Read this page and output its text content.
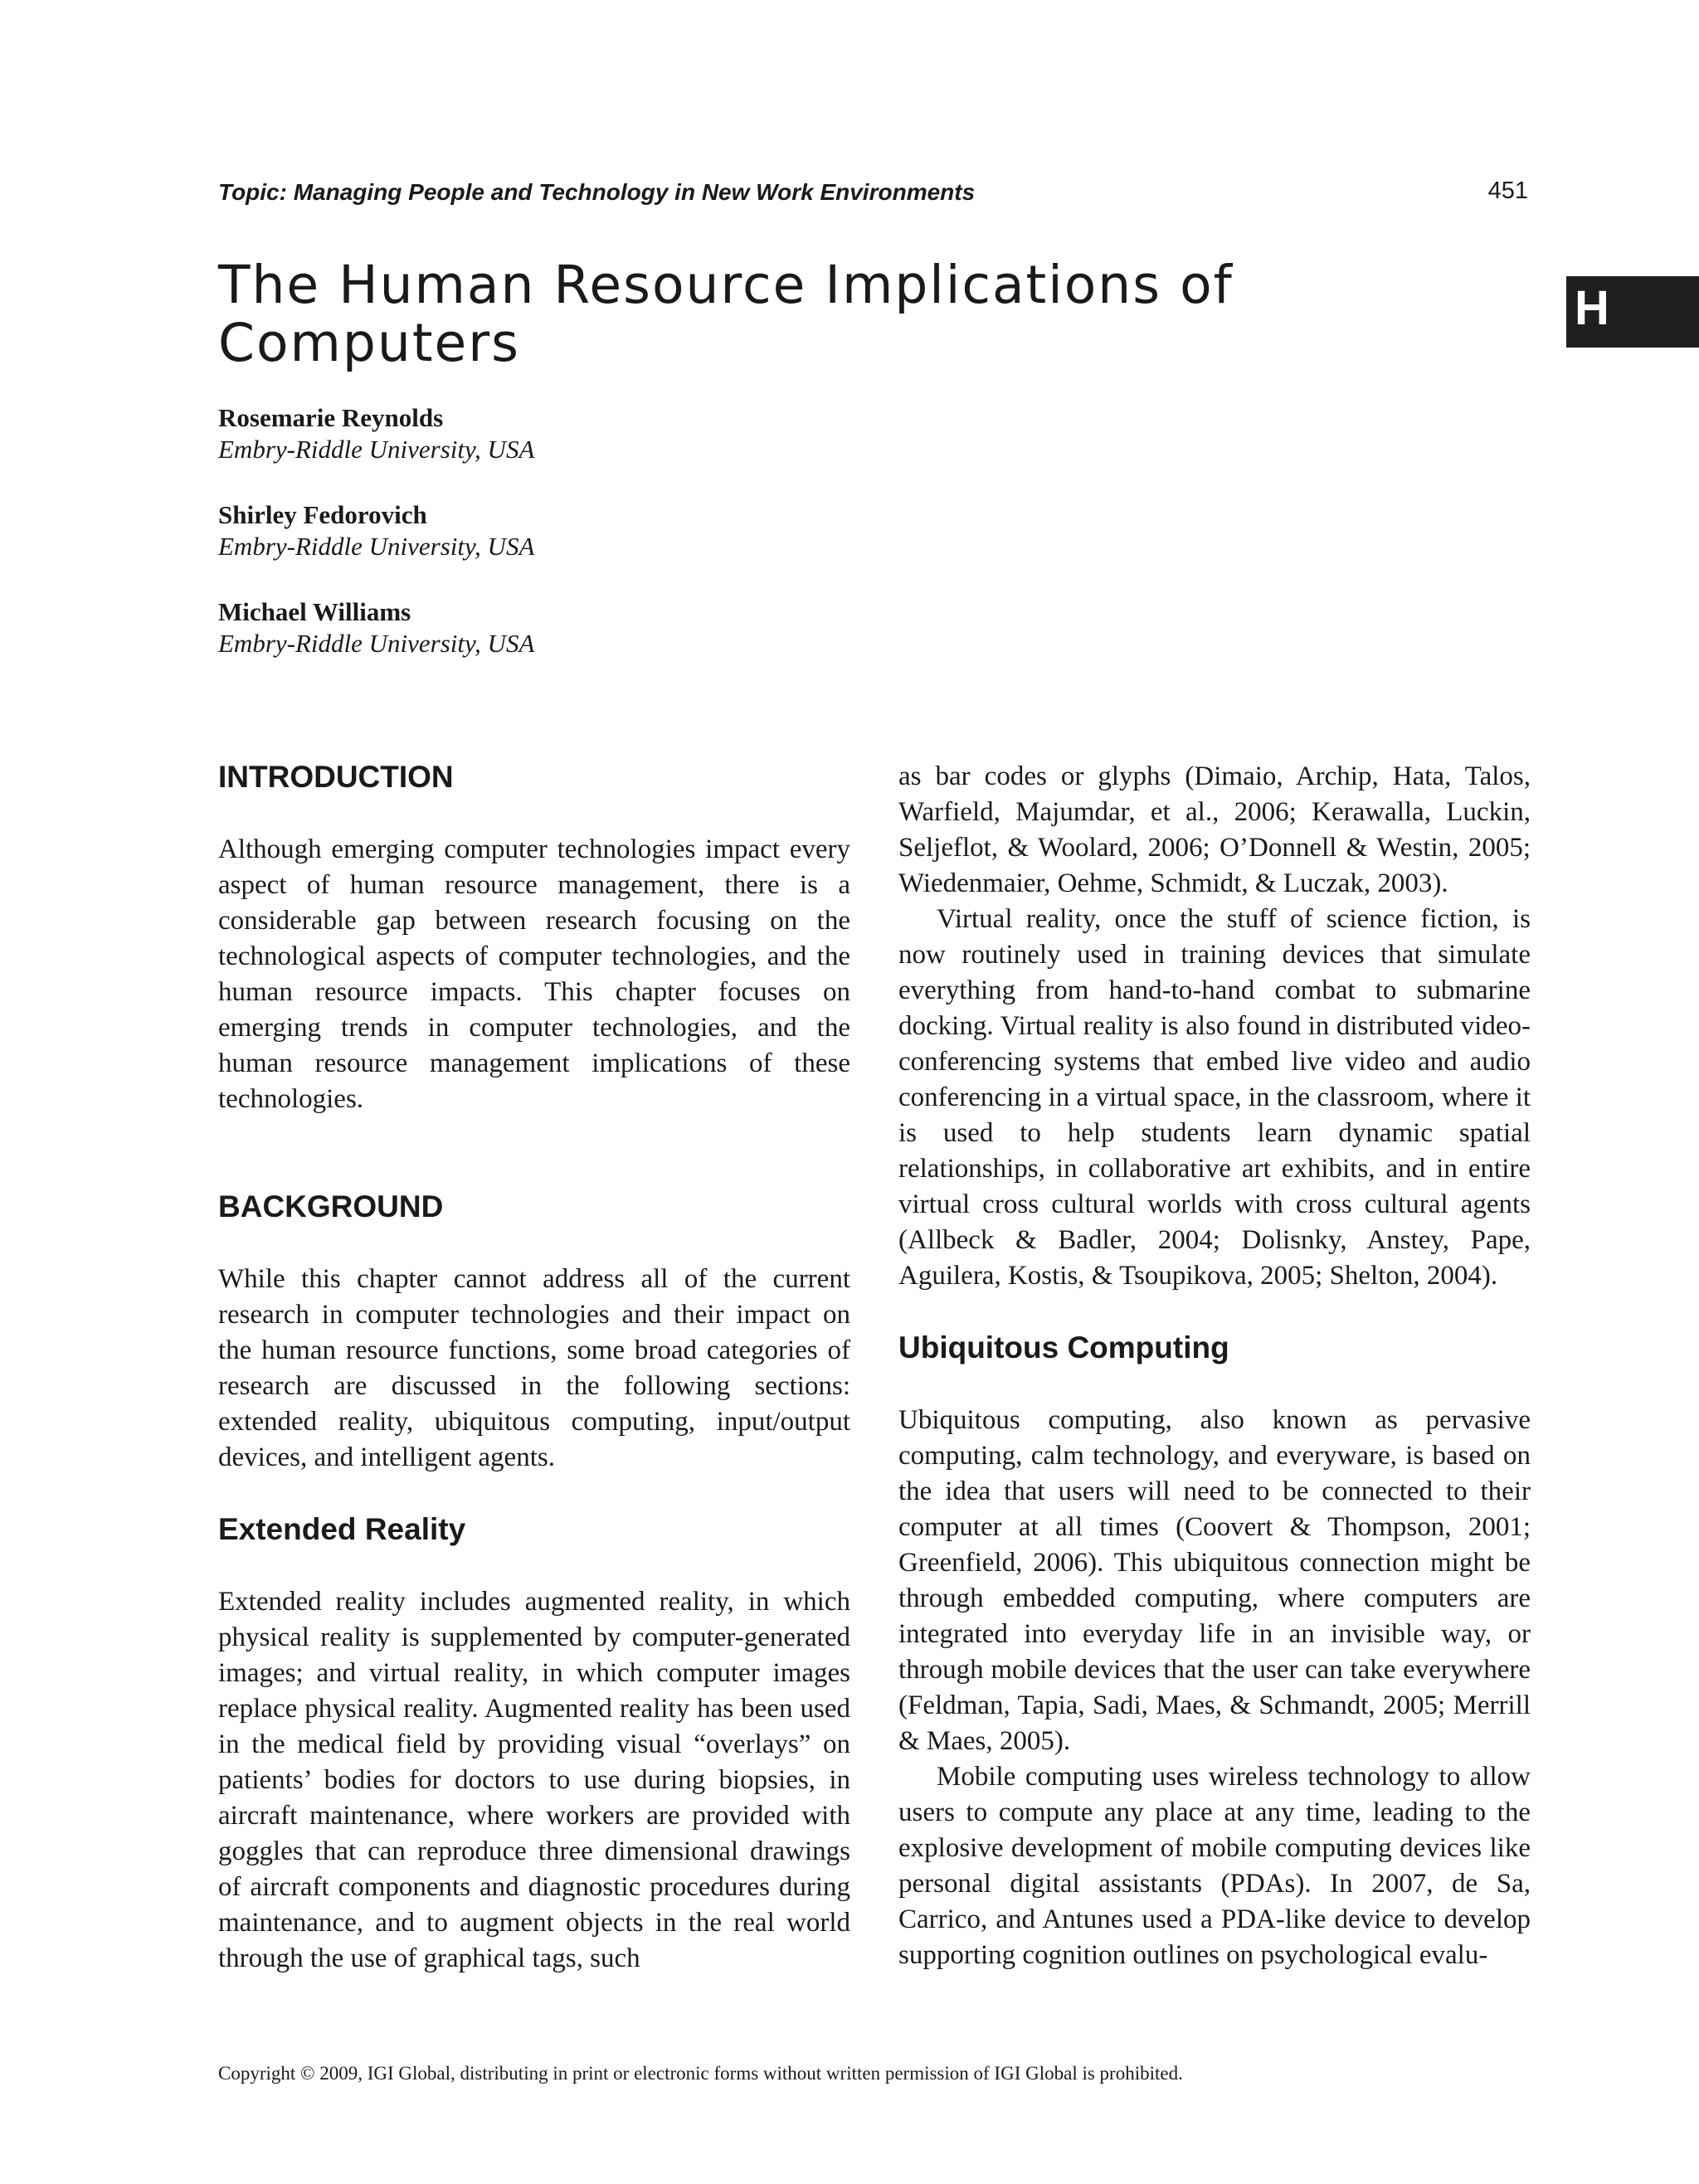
Topic: Managing People and Technology in New Work Environments	451
The Human Resource Implications of
Computers
H
Rosemarie Reynolds
Embry-Riddle University, USA
Shirley Fedorovich
Embry-Riddle University, USA
Michael Williams
Embry-Riddle University, USA
INTRODUCTION

Although emerging computer technologies impact every aspect of human resource management, there is a considerable gap between research focusing on the technological aspects of computer technologies, and the human resource impacts. This chapter focuses on emerging trends in computer technologies, and the human resource management implications of these technologies.

BACKGROUND

While this chapter cannot address all of the current research in computer technologies and their impact on the human resource functions, some broad categories of research are discussed in the following sections: extended reality, ubiquitous computing, input/output devices, and intelligent agents.

Extended Reality

Extended reality includes augmented reality, in which physical reality is supplemented by computer-generated images; and virtual reality, in which computer images replace physical reality. Augmented reality has been used in the medical field by providing visual “overlays” on patients’ bodies for doctors to use during biopsies, in aircraft maintenance, where workers are provided with goggles that can reproduce three dimensional drawings of aircraft components and diagnostic procedures during maintenance, and to augment objects in the real world through the use of graphical tags, such

as bar codes or glyphs (Dimaio, Archip, Hata, Talos, Warfield, Majumdar, et al., 2006; Kerawalla, Luckin, Seljeflot, & Woolard, 2006; O’Donnell & Westin, 2005; Wiedenmaier, Oehme, Schmidt, & Luczak, 2003).

Virtual reality, once the stuff of science fiction, is now routinely used in training devices that simulate everything from hand-to-hand combat to submarine docking. Virtual reality is also found in distributed video-conferencing systems that embed live video and audio conferencing in a virtual space, in the classroom, where it is used to help students learn dynamic spatial relationships, in collaborative art exhibits, and in entire virtual cross cultural worlds with cross cultural agents (Allbeck & Badler, 2004; Dolisnky, Anstey, Pape, Aguilera, Kostis, & Tsoupikova, 2005; Shelton, 2004).

Ubiquitous Computing

Ubiquitous computing, also known as pervasive computing, calm technology, and everyware, is based on the idea that users will need to be connected to their computer at all times (Coovert & Thompson, 2001; Greenfield, 2006). This ubiquitous connection might be through embedded computing, where computers are integrated into everyday life in an invisible way, or through mobile devices that the user can take everywhere (Feldman, Tapia, Sadi, Maes, & Schmandt, 2005; Merrill & Maes, 2005).

Mobile computing uses wireless technology to allow users to compute any place at any time, leading to the explosive development of mobile computing devices like personal digital assistants (PDAs). In 2007, de Sa, Carrico, and Antunes used a PDA-like device to develop supporting cognition outlines on psychological evalu-

Copyright © 2009, IGI Global, distributing in print or electronic forms without written permission of IGI Global is prohibited.
